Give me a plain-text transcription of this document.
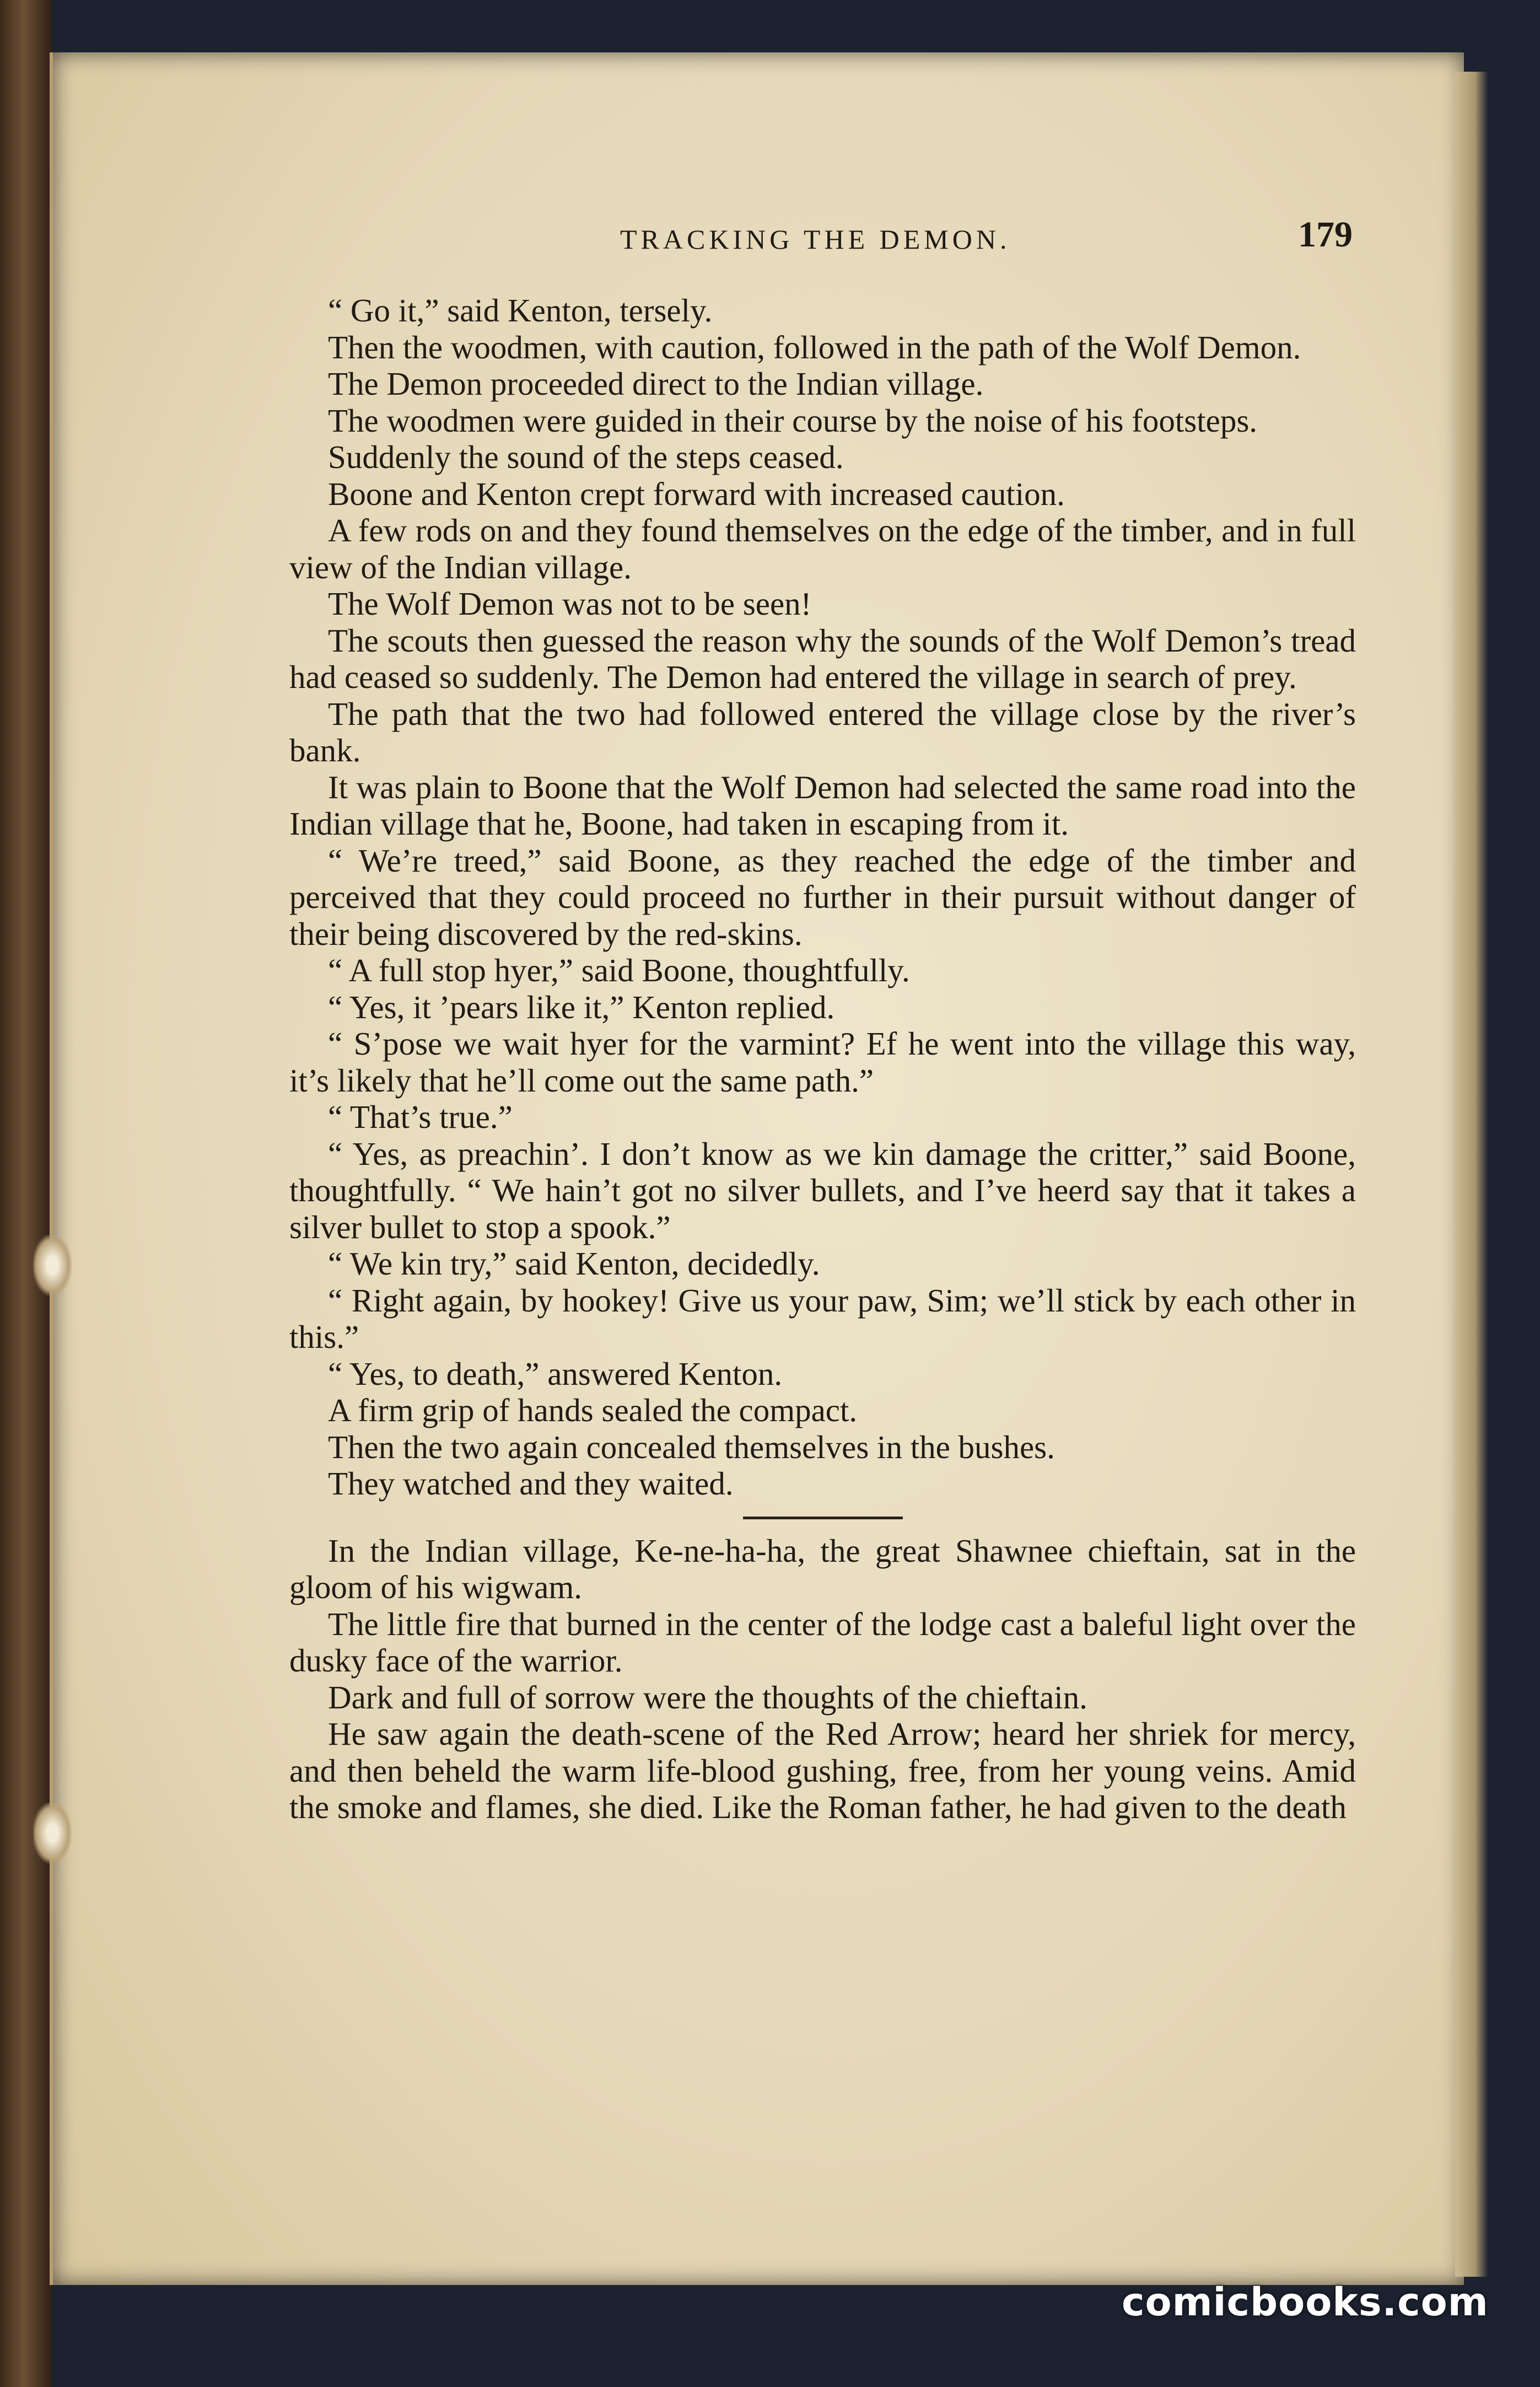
TRACKING THE DEMON.	179

“ Go it,” said Kenton, tersely.

Then the woodmen, with caution, followed in the path of the Wolf Demon.

The Demon proceeded direct to the Indian village.

The woodmen were guided in their course by the noise of his footsteps.

Suddenly the sound of the steps ceased.

Boone and Kenton crept forward with increased caution.

A few rods on and they found themselves on the edge of the timber, and in full view of the Indian village.

The Wolf Demon was not to be seen!

The scouts then guessed the reason why the sounds of the Wolf Demon’s tread had ceased so suddenly. The Demon had entered the village in search of prey.

The path that the two had followed entered the village close by the river’s bank.

It was plain to Boone that the Wolf Demon had selected the same road into the Indian village that he, Boone, had taken in escaping from it.

“ We’re treed,” said Boone, as they reached the edge of the timber and perceived that they could proceed no further in their pursuit without danger of their being discovered by the red-skins.

“ A full stop hyer,” said Boone, thoughtfully.

“ Yes, it ’pears like it,” Kenton replied.

“ S’pose we wait hyer for the varmint? Ef he went into the village this way, it’s likely that he’ll come out the same path.”

“ That’s true.”

“ Yes, as preachin’. I don’t know as we kin damage the critter,” said Boone, thoughtfully. “ We hain’t got no silver bullets, and I’ve heerd say that it takes a silver bullet to stop a spook.”

“ We kin try,” said Kenton, decidedly.

“ Right again, by hookey! Give us your paw, Sim; we’ll stick by each other in this.”

“ Yes, to death,” answered Kenton.

A firm grip of hands sealed the compact.

Then the two again concealed themselves in the bushes.

They watched and they waited.

In the Indian village, Ke-ne-ha-ha, the great Shawnee chieftain, sat in the gloom of his wigwam.

The little fire that burned in the center of the lodge cast a baleful light over the dusky face of the warrior.

Dark and full of sorrow were the thoughts of the chieftain.

He saw again the death-scene of the Red Arrow; heard her shriek for mercy, and then beheld the warm life-blood gushing, free, from her young veins. Amid the smoke and flames, she died. Like the Roman father, he had given to the death

comicbooks.com
